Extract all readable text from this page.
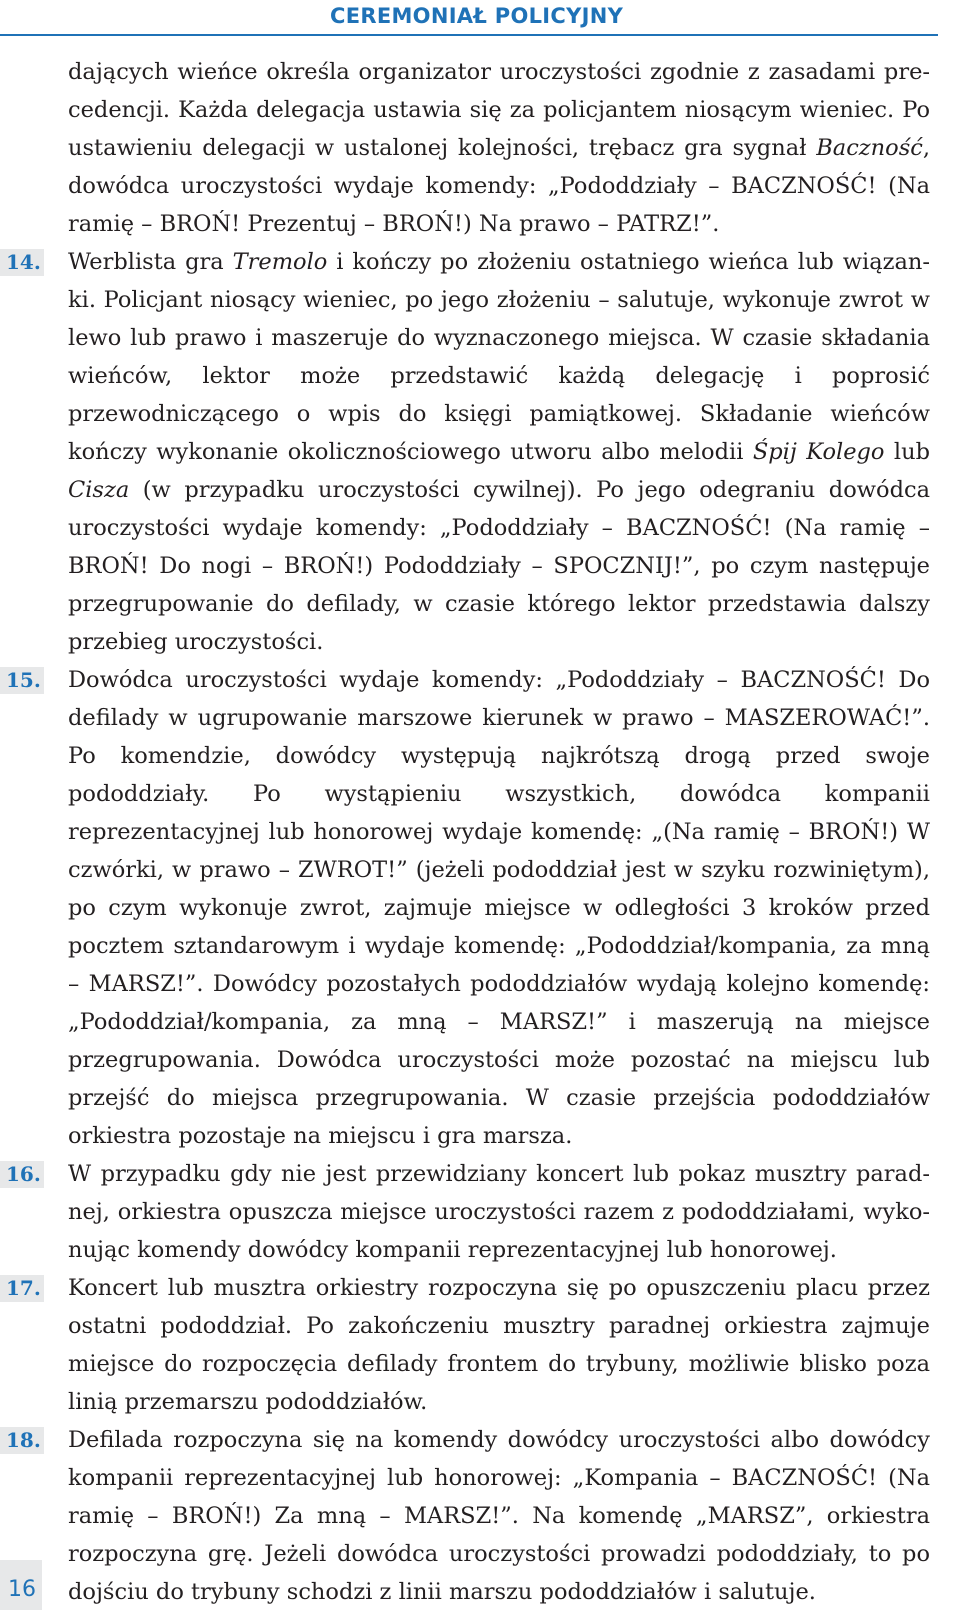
CEREMONIAŁ POLICYJNY

dających wieńce określa organizator uroczystości zgodnie z zasadami precedencji. Każda delegacja ustawia się za policjantem niosącym wieniec. Po ustawieniu delegacji w ustalonej kolejności, trębacz gra sygnał Baczność, dowódca uroczystości wydaje komendy: „Pododdziały – BACZNOŚĆ! (Na ramię – BROŃ! Prezentuj – BROŃ!) Na prawo – PATRZ!”.

14. Werblista gra Tremolo i kończy po złożeniu ostatniego wieńca lub wiązanki. Policjant niosący wieniec, po jego złożeniu – salutuje, wykonuje zwrot w lewo lub prawo i maszeruje do wyznaczonego miejsca. W czasie składania wieńców, lektor może przedstawić każdą delegację i poprosić przewodniczącego o wpis do księgi pamiątkowej. Składanie wieńców kończy wykonanie okolicznościowego utworu albo melodii Śpij Kolego lub Cisza (w przypadku uroczystości cywilnej). Po jego odegraniu dowódca uroczystości wydaje komendy: „Pododdziały – BACZNOŚĆ! (Na ramię – BROŃ! Do nogi – BROŃ!) Pododdziały – SPOCZNIJ!”, po czym następuje przegrupowanie do defilady, w czasie którego lektor przedstawia dalszy przebieg uroczystości.

15. Dowódca uroczystości wydaje komendy: „Pododdziały – BACZNOŚĆ! Do defilady w ugrupowanie marszowe kierunek w prawo – MASZEROWAĆ!”. Po komendzie, dowódcy występują najkrótszą drogą przed swoje pododdziały. Po wystąpieniu wszystkich, dowódca kompanii reprezentacyjnej lub honorowej wydaje komendę: „(Na ramię – BROŃ!) W czwórki, w prawo – ZWROT!” (jeżeli pododdział jest w szyku rozwiniętym), po czym wykonuje zwrot, zajmuje miejsce w odległości 3 kroków przed pocztem sztandarowym i wydaje komendę: „Pododdział/kompania, za mną – MARSZ!”. Dowódcy pozostałych pododdziałów wydają kolejno komendę: „Pododdział/kompania, za mną – MARSZ!” i maszerują na miejsce przegrupowania. Dowódca uroczystości może pozostać na miejscu lub przejść do miejsca przegrupowania. W czasie przejścia pododdziałów orkiestra pozostaje na miejscu i gra marsza.

16. W przypadku gdy nie jest przewidziany koncert lub pokaz musztry paradnej, orkiestra opuszcza miejsce uroczystości razem z pododdziałami, wykonując komendy dowódcy kompanii reprezentacyjnej lub honorowej.

17. Koncert lub musztra orkiestry rozpoczyna się po opuszczeniu placu przez ostatni pododdział. Po zakończeniu musztry paradnej orkiestra zajmuje miejsce do rozpoczęcia defilady frontem do trybuny, możliwie blisko poza linią przemarszu pododdziałów.

18. Defilada rozpoczyna się na komendy dowódcy uroczystości albo dowódcy kompanii reprezentacyjnej lub honorowej: „Kompania – BACZNOŚĆ! (Na ramię – BROŃ!) Za mną – MARSZ!”. Na komendę „MARSZ”, orkiestra rozpoczyna grę. Jeżeli dowódca uroczystości prowadzi pododdziały, to po dojściu do trybuny schodzi z linii marszu pododdziałów i salutuje.

16
